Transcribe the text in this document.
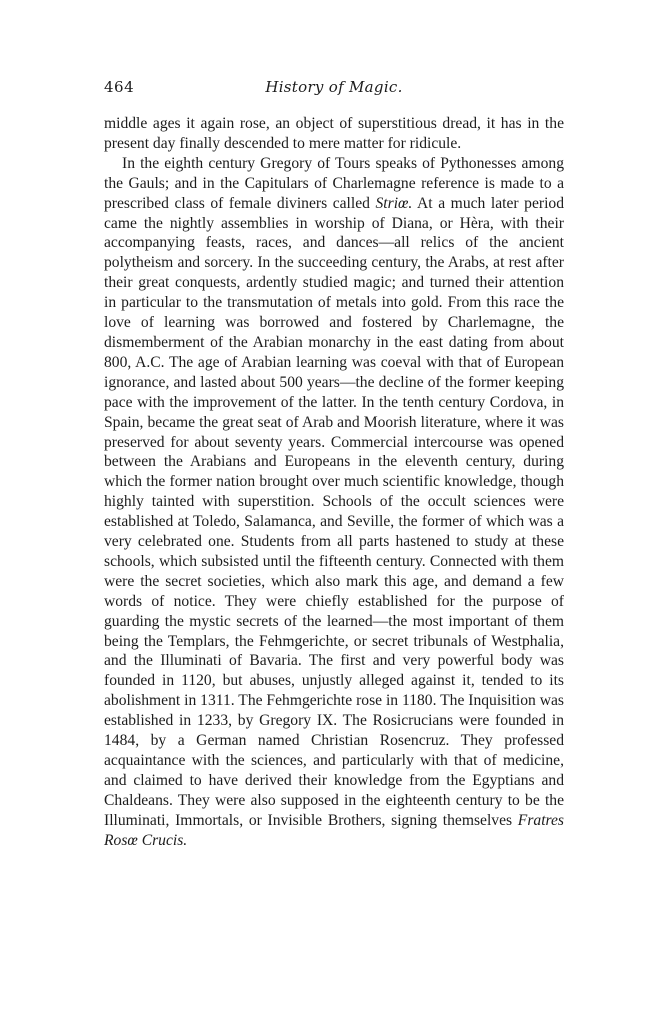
464	History of Magic.

middle ages it again rose, an object of superstitious dread, it has in the present day finally descended to mere matter for ridicule.

In the eighth century Gregory of Tours speaks of Pythonesses among the Gauls; and in the Capitulars of Charlemagne reference is made to a prescribed class of female diviners called Striœ. At a much later period came the nightly assemblies in worship of Diana, or Hèra, with their accompanying feasts, races, and dances—all relics of the ancient polytheism and sorcery. In the succeeding century, the Arabs, at rest after their great conquests, ardently studied magic; and turned their attention in particular to the transmutation of metals into gold. From this race the love of learning was borrowed and fostered by Charlemagne, the dismemberment of the Arabian monarchy in the east dating from about 800, A.C. The age of Arabian learning was coeval with that of European ignorance, and lasted about 500 years—the decline of the former keeping pace with the improvement of the latter. In the tenth century Cordova, in Spain, became the great seat of Arab and Moorish literature, where it was preserved for about seventy years. Commercial intercourse was opened between the Arabians and Europeans in the eleventh century, during which the former nation brought over much scientific knowledge, though highly tainted with superstition. Schools of the occult sciences were established at Toledo, Salamanca, and Seville, the former of which was a very celebrated one. Students from all parts hastened to study at these schools, which subsisted until the fifteenth century. Connected with them were the secret societies, which also mark this age, and demand a few words of notice. They were chiefly established for the purpose of guarding the mystic secrets of the learned—the most important of them being the Templars, the Fehmgerichte, or secret tribunals of Westphalia, and the Illuminati of Bavaria. The first and very powerful body was founded in 1120, but abuses, unjustly alleged against it, tended to its abolishment in 1311. The Fehmgerichte rose in 1180. The Inquisition was established in 1233, by Gregory IX. The Rosicrucians were founded in 1484, by a German named Christian Rosencruz. They professed acquaintance with the sciences, and particularly with that of medicine, and claimed to have derived their knowledge from the Egyptians and Chaldeans. They were also supposed in the eighteenth century to be the Illuminati, Immortals, or Invisible Brothers, signing themselves Fratres Rosœ Crucis.
